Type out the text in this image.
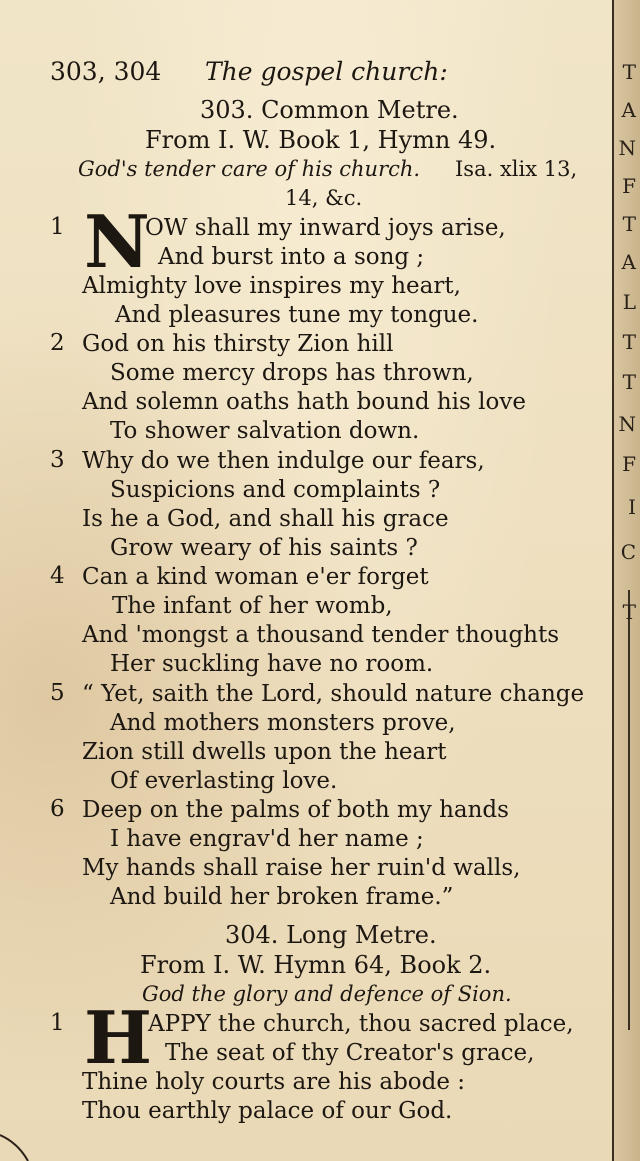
T
A
N
F
T
A
L
T
T
N
F
I
C
T
303, 304 The gospel church:
303. Common Metre.
From I. W. Book 1, Hymn 49.
God's tender care of his church. Isa. xlix 13,
14, &c.
1 N
OW shall my inward joys arise,
And burst into a song ;
Almighty love inspires my heart,
And pleasures tune my tongue.
2 God on his thirsty Zion hill
Some mercy drops has thrown,
And solemn oaths hath bound his love
To shower salvation down.
3 Why do we then indulge our fears,
Suspicions and complaints ?
Is he a God, and shall his grace
Grow weary of his saints ?
4 Can a kind woman e'er forget
The infant of her womb,
And 'mongst a thousand tender thoughts
Her suckling have no room.
5 “ Yet, saith the Lord, should nature change
And mothers monsters prove,
Zion still dwells upon the heart
Of everlasting love.
6 Deep on the palms of both my hands
I have engrav'd her name ;
My hands shall raise her ruin'd walls,
And build her broken frame.”
304. Long Metre.
From I. W. Hymn 64, Book 2.
God the glory and defence of Sion.
1 H
APPY the church, thou sacred place,
The seat of thy Creator's grace,
Thine holy courts are his abode :
Thou earthly palace of our God.
